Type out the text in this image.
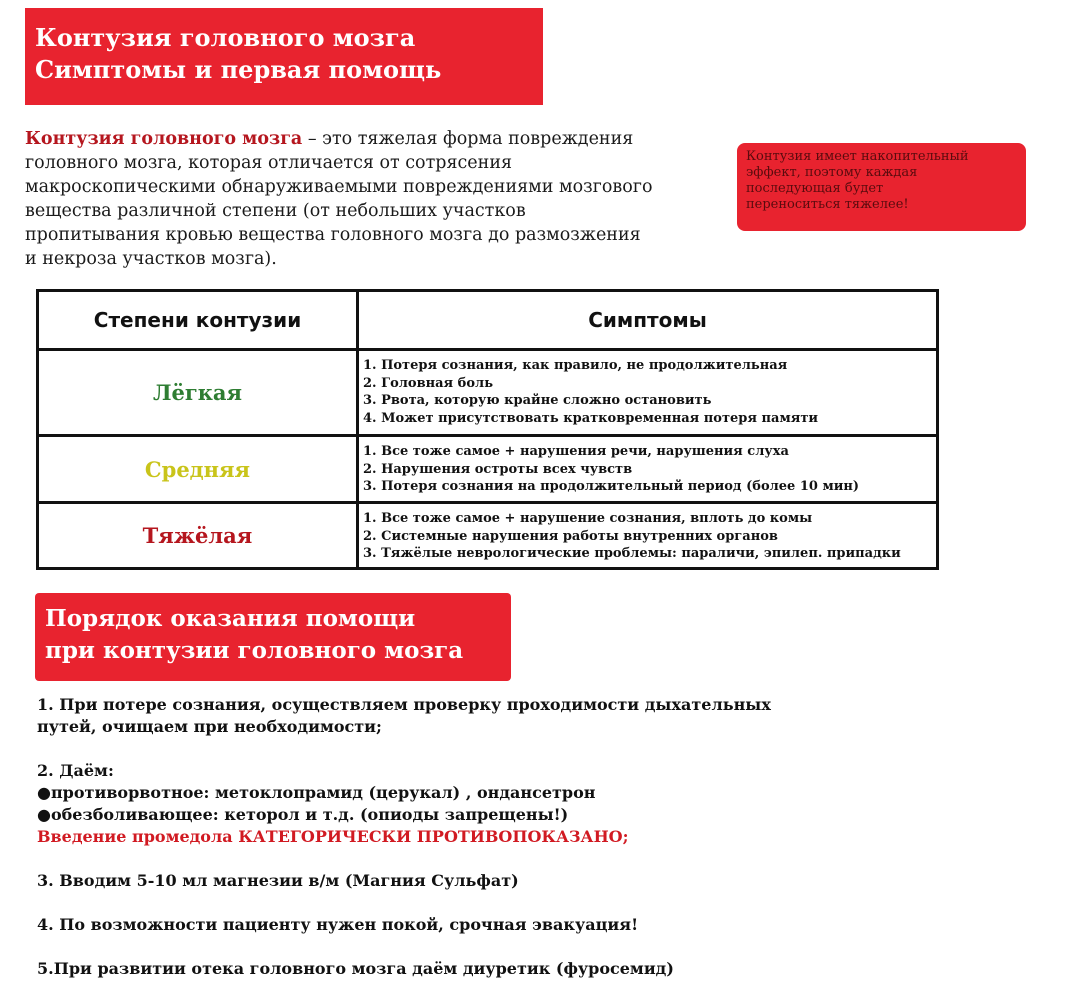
Контузия головного мозга
Симптомы и первая помощь
Контузия головного мозга – это тяжелая форма повреждения
головного мозга, которая отличается от сотрясения
макроскопическими обнаруживаемыми повреждениями мозгового
вещества различной степени (от небольших участков
пропитывания кровью вещества головного мозга до размозжения
и некроза участков мозга).
Контузия имеет накопительный
эффект, поэтому каждая
последующая будет
переноситься тяжелее!
Степени контузии	Симптомы
Лёгкая
1. Потеря сознания, как правило, не продолжительная
2. Головная боль
3. Рвота, которую крайне сложно остановить
4. Может присутствовать кратковременная потеря памяти
Средняя
1. Все тоже самое + нарушения речи, нарушения слуха
2. Нарушения остроты всех чувств
3. Потеря сознания на продолжительный период (более 10 мин)
Тяжёлая
1. Все тоже самое + нарушение сознания, вплоть до комы
2. Системные нарушения работы внутренних органов
3. Тяжёлые неврологические проблемы: параличи, эпилеп. припадки
Порядок оказания помощи
при контузии головного мозга
1. При потере сознания, осуществляем проверку проходимости дыхательных
путей, очищаем при необходимости;
2. Даём:
●противорвотное: метоклопрамид (церукал) , ондансетрон
●обезболивающее: кеторол и т.д. (опиоды запрещены!)
Введение промедола КАТЕГОРИЧЕСКИ ПРОТИВОПОКАЗАНО;
3. Вводим 5-10 мл магнезии в/м (Магния Сульфат)
4. По возможности пациенту нужен покой, срочная эвакуация!
5.При развитии отека головного мозга даём диуретик (фуросемид)
